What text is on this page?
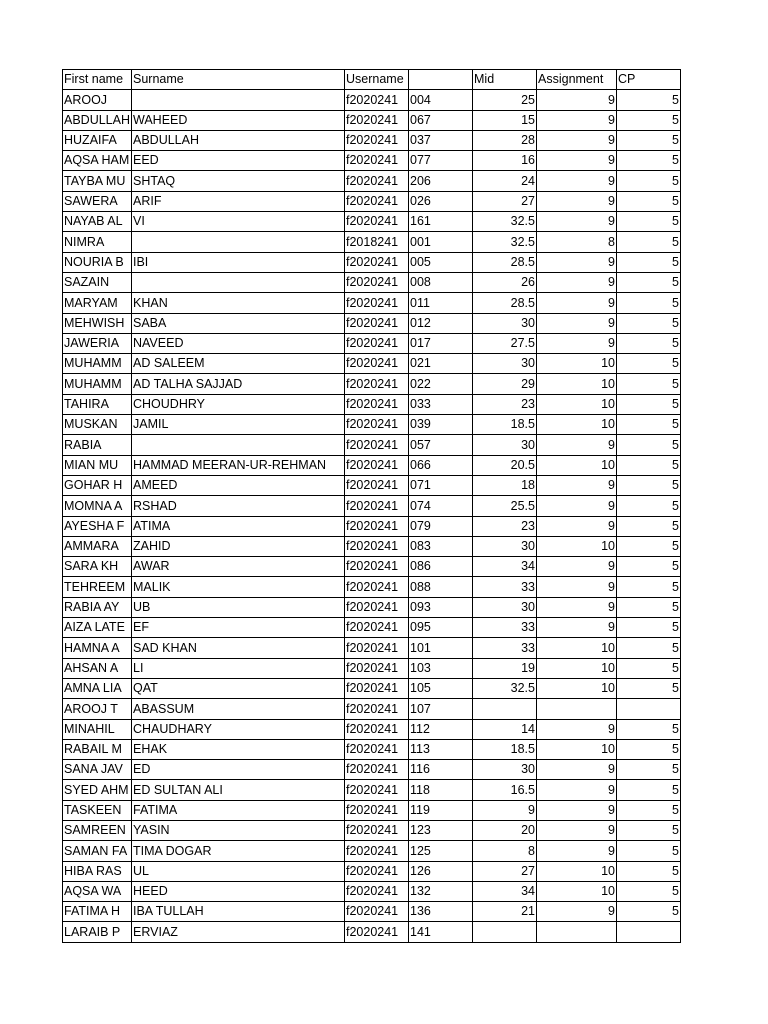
First name	Surname	Username		Mid	Assignment	CP
AROOJ		f2020241	004	25	9	5
ABDULLAH	WAHEED	f2020241	067	15	9	5
HUZAIFA	ABDULLAH	f2020241	037	28	9	5
AQSA HAM	EED	f2020241	077	16	9	5
TAYBA MU	SHTAQ	f2020241	206	24	9	5
SAWERA	ARIF	f2020241	026	27	9	5
NAYAB AL	VI	f2020241	161	32.5	9	5
NIMRA		f2018241	001	32.5	8	5
NOURIA B	IBI	f2020241	005	28.5	9	5
SAZAIN		f2020241	008	26	9	5
MARYAM	KHAN	f2020241	011	28.5	9	5
MEHWISH	SABA	f2020241	012	30	9	5
JAWERIA	NAVEED	f2020241	017	27.5	9	5
MUHAMM	AD SALEEM	f2020241	021	30	10	5
MUHAMM	AD TALHA SAJJAD	f2020241	022	29	10	5
TAHIRA	CHOUDHRY	f2020241	033	23	10	5
MUSKAN	JAMIL	f2020241	039	18.5	10	5
RABIA		f2020241	057	30	9	5
MIAN MU	HAMMAD MEERAN-UR-REHMAN	f2020241	066	20.5	10	5
GOHAR H	AMEED	f2020241	071	18	9	5
MOMNA A	RSHAD	f2020241	074	25.5	9	5
AYESHA F	ATIMA	f2020241	079	23	9	5
AMMARA	ZAHID	f2020241	083	30	10	5
SARA KH	AWAR	f2020241	086	34	9	5
TEHREEM	MALIK	f2020241	088	33	9	5
RABIA AY	UB	f2020241	093	30	9	5
AIZA LATE	EF	f2020241	095	33	9	5
HAMNA A	SAD KHAN	f2020241	101	33	10	5
AHSAN A	LI	f2020241	103	19	10	5
AMNA LIA	QAT	f2020241	105	32.5	10	5
AROOJ T	ABASSUM	f2020241	107			
MINAHIL	CHAUDHARY	f2020241	112	14	9	5
RABAIL M	EHAK	f2020241	113	18.5	10	5
SANA JAV	ED	f2020241	116	30	9	5
SYED AHM	ED SULTAN ALI	f2020241	118	16.5	9	5
TASKEEN	FATIMA	f2020241	119	9	9	5
SAMREEN	YASIN	f2020241	123	20	9	5
SAMAN FA	TIMA DOGAR	f2020241	125	8	9	5
HIBA RAS	UL	f2020241	126	27	10	5
AQSA WA	HEED	f2020241	132	34	10	5
FATIMA H	IBA TULLAH	f2020241	136	21	9	5
LARAIB P	ERVIAZ	f2020241	141			
